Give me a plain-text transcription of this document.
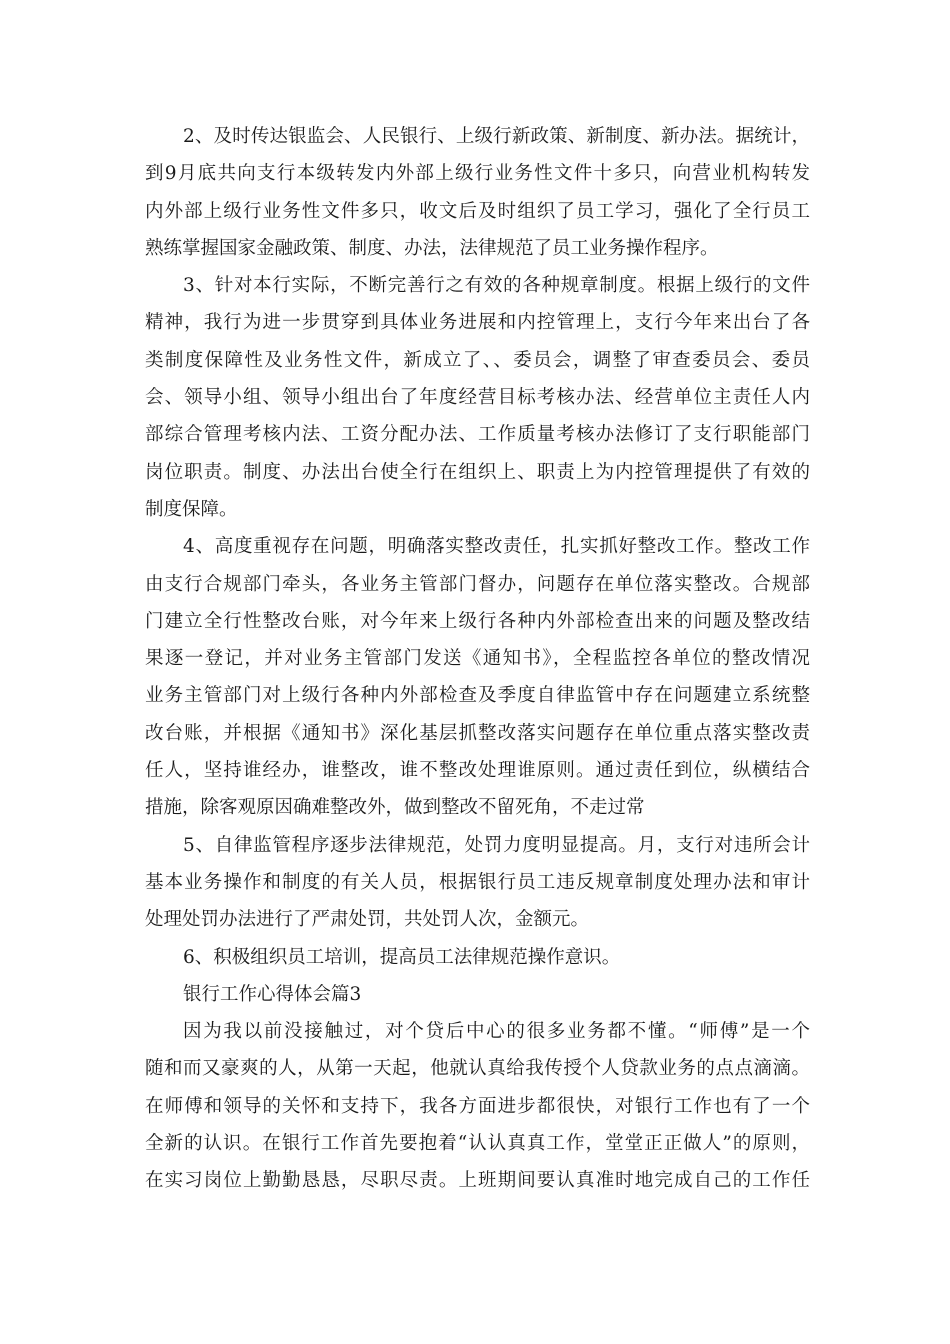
2、及时传达银监会、人民银行、上级行新政策、新制度、新办法。据统计，
到9月底共向支行本级转发内外部上级行业务性文件十多只，向营业机构转发
内外部上级行业务性文件多只，收文后及时组织了员工学习，强化了全行员工
熟练掌握国家金融政策、制度、办法，法律规范了员工业务操作程序。
3、针对本行实际，不断完善行之有效的各种规章制度。根据上级行的文件
精神，我行为进一步贯穿到具体业务进展和内控管理上，支行今年来出台了各
类制度保障性及业务性文件，新成立了、、委员会，调整了审查委员会、委员
会、领导小组、领导小组出台了年度经营目标考核办法、经营单位主责任人内
部综合管理考核内法、工资分配办法、工作质量考核办法修订了支行职能部门
岗位职责。制度、办法出台使全行在组织上、职责上为内控管理提供了有效的
制度保障。
4、高度重视存在问题，明确落实整改责任，扎实抓好整改工作。整改工作
由支行合规部门牵头，各业务主管部门督办，问题存在单位落实整改。合规部
门建立全行性整改台账，对今年来上级行各种内外部检查出来的问题及整改结
果逐一登记，并对业务主管部门发送《通知书》，全程监控各单位的整改情况
业务主管部门对上级行各种内外部检查及季度自律监管中存在问题建立系统整
改台账，并根据《通知书》深化基层抓整改落实问题存在单位重点落实整改责
任人，坚持谁经办，谁整改，谁不整改处理谁原则。通过责任到位，纵横结合
措施，除客观原因确难整改外，做到整改不留死角，不走过常
5、自律监管程序逐步法律规范，处罚力度明显提高。月，支行对违所会计
基本业务操作和制度的有关人员，根据银行员工违反规章制度处理办法和审计
处理处罚办法进行了严肃处罚，共处罚人次，金额元。
6、积极组织员工培训，提高员工法律规范操作意识。
银行工作心得体会篇3
因为我以前没接触过，对个贷后中心的很多业务都不懂。“师傅”是一个
随和而又豪爽的人，从第一天起，他就认真给我传授个人贷款业务的点点滴滴。
在师傅和领导的关怀和支持下，我各方面进步都很快，对银行工作也有了一个
全新的认识。在银行工作首先要抱着“认认真真工作，堂堂正正做人”的原则，
在实习岗位上勤勤恳恳，尽职尽责。上班期间要认真准时地完成自己的工作任
